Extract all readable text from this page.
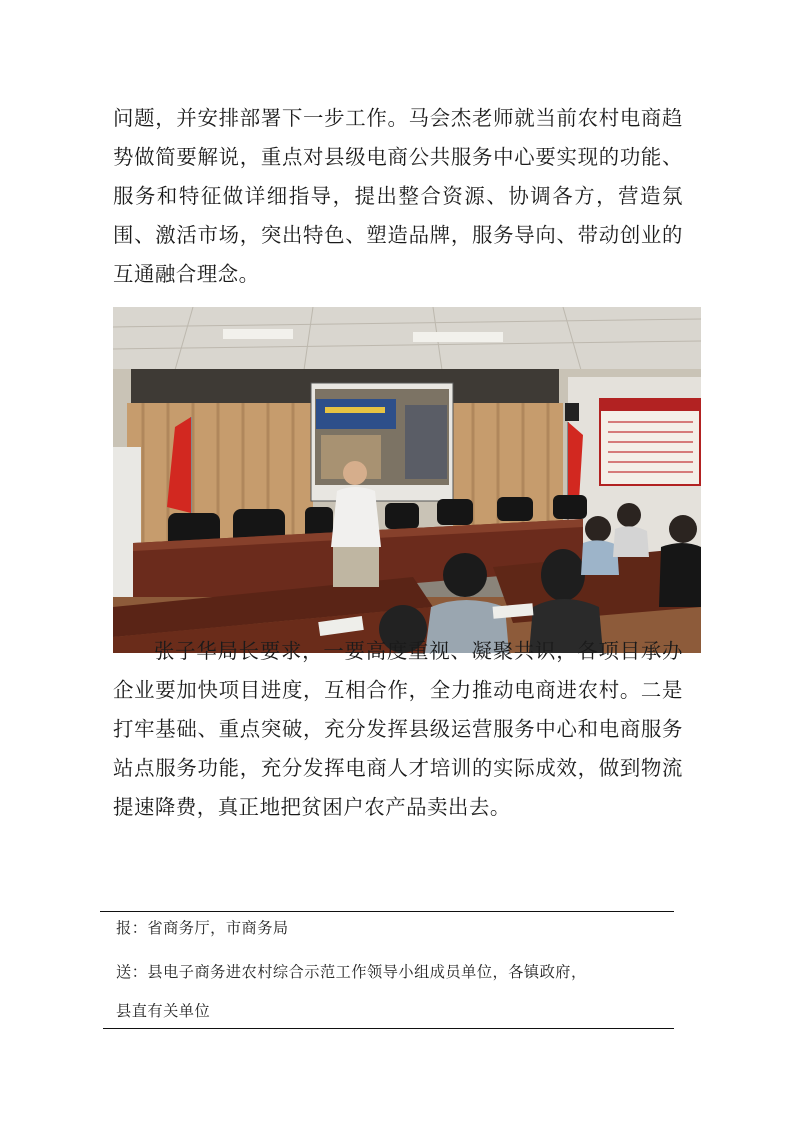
问题，并安排部署下一步工作。马会杰老师就当前农村电商趋势做简要解说，重点对县级电商公共服务中心要实现的功能、服务和特征做详细指导，提出整合资源、协调各方，营造氛围、激活市场，突出特色、塑造品牌，服务导向、带动创业的互通融合理念。

张子华局长要求，一要高度重视、凝聚共识，各项目承办企业要加快项目进度，互相合作，全力推动电商进农村。二是打牢基础、重点突破，充分发挥县级运营服务中心和电商服务站点服务功能，充分发挥电商人才培训的实际成效，做到物流提速降费，真正地把贫困户农产品卖出去。

报：省商务厅，市商务局
送：县电子商务进农村综合示范工作领导小组成员单位，各镇政府，
县直有关单位
